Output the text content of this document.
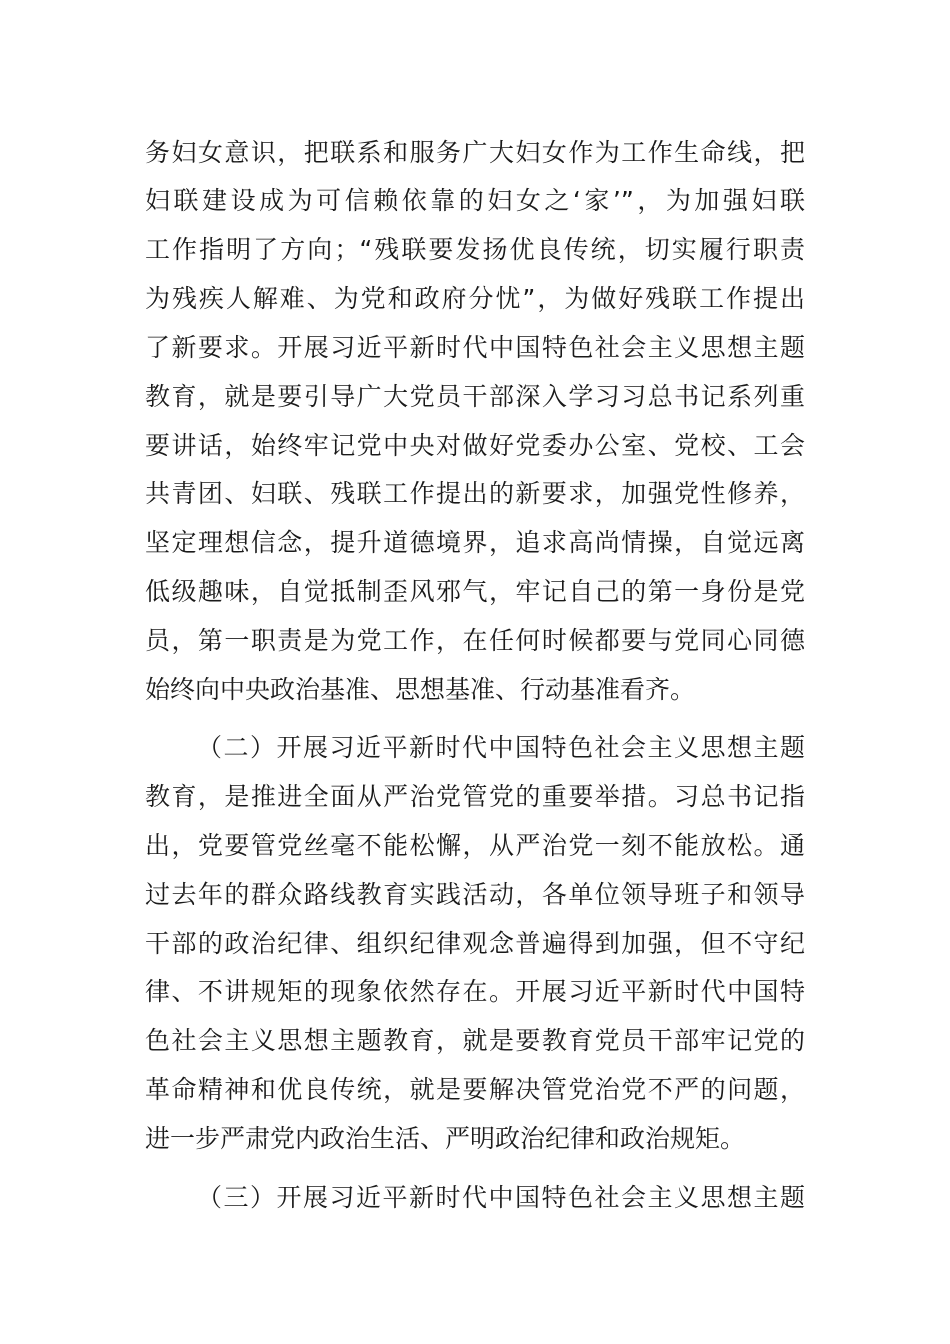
务妇女意识，把联系和服务广大妇女作为工作生命线，把

妇联建设成为可信赖依靠的妇女之‘家’”，为加强妇联

工作指明了方向；“残联要发扬优良传统，切实履行职责

为残疾人解难、为党和政府分忧”，为做好残联工作提出

了新要求。开展习近平新时代中国特色社会主义思想主题

教育，就是要引导广大党员干部深入学习习总书记系列重

要讲话，始终牢记党中央对做好党委办公室、党校、工会

共青团、妇联、残联工作提出的新要求，加强党性修养，

坚定理想信念，提升道德境界，追求高尚情操，自觉远离

低级趣味，自觉抵制歪风邪气，牢记自己的第一身份是党

员，第一职责是为党工作，在任何时候都要与党同心同德

始终向中央政治基准、思想基准、行动基准看齐。

（二）开展习近平新时代中国特色社会主义思想主题

教育，是推进全面从严治党管党的重要举措。习总书记指

出，党要管党丝毫不能松懈，从严治党一刻不能放松。通

过去年的群众路线教育实践活动，各单位领导班子和领导

干部的政治纪律、组织纪律观念普遍得到加强，但不守纪

律、不讲规矩的现象依然存在。开展习近平新时代中国特

色社会主义思想主题教育，就是要教育党员干部牢记党的

革命精神和优良传统，就是要解决管党治党不严的问题，

进一步严肃党内政治生活、严明政治纪律和政治规矩。

（三）开展习近平新时代中国特色社会主义思想主题
